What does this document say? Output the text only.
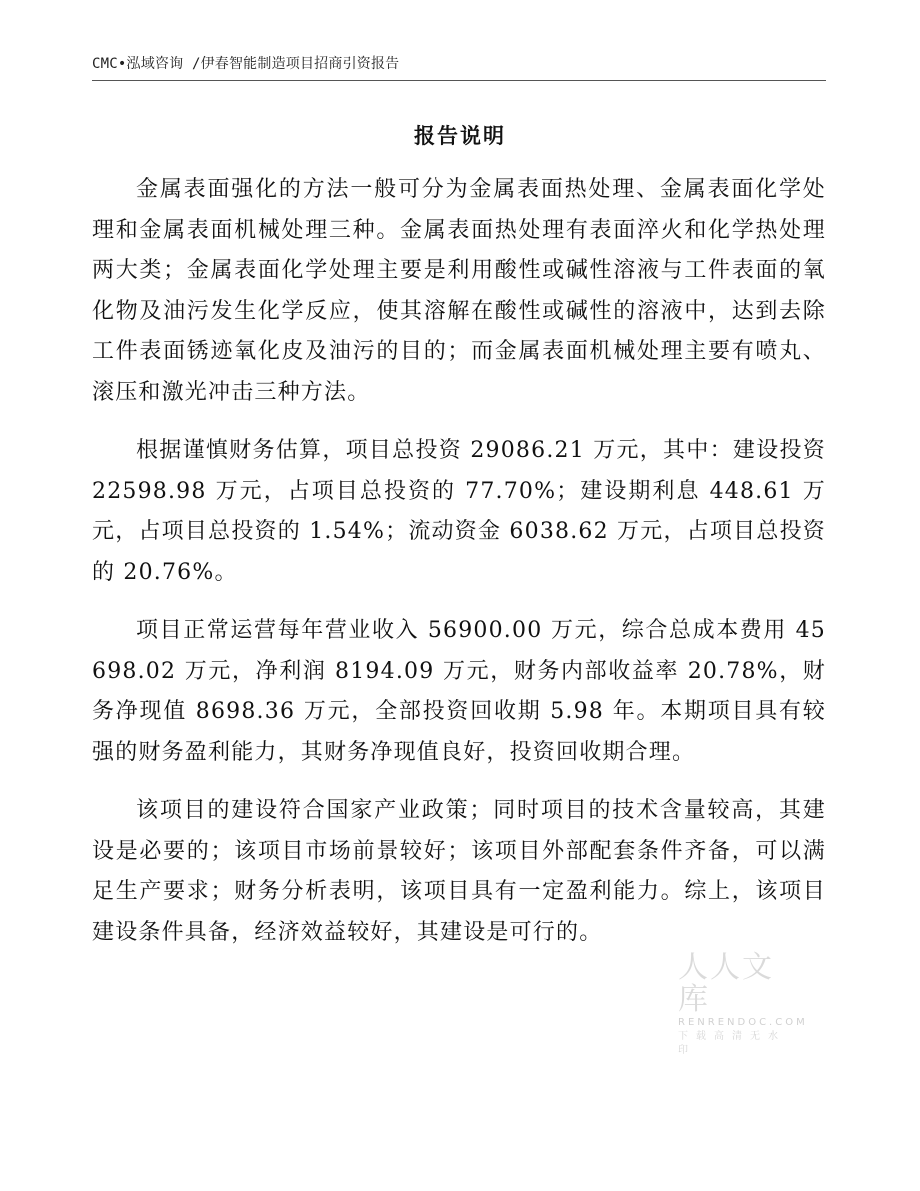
CMC•泓域咨询 /伊春智能制造项目招商引资报告
报告说明

金属表面强化的方法一般可分为金属表面热处理、金属表面化学处理和金属表面机械处理三种。金属表面热处理有表面淬火和化学热处理两大类；金属表面化学处理主要是利用酸性或碱性溶液与工件表面的氧化物及油污发生化学反应，使其溶解在酸性或碱性的溶液中，达到去除工件表面锈迹氧化皮及油污的目的；而金属表面机械处理主要有喷丸、滚压和激光冲击三种方法。

根据谨慎财务估算，项目总投资 29086.21 万元，其中：建设投资 22598.98 万元，占项目总投资的 77.70%；建设期利息 448.61 万元，占项目总投资的 1.54%；流动资金 6038.62 万元，占项目总投资的 20.76%。

项目正常运营每年营业收入 56900.00 万元，综合总成本费用 45698.02 万元，净利润 8194.09 万元，财务内部收益率 20.78%，财务净现值 8698.36 万元，全部投资回收期 5.98 年。本期项目具有较强的财务盈利能力，其财务净现值良好，投资回收期合理。

该项目的建设符合国家产业政策；同时项目的技术含量较高，其建设是必要的；该项目市场前景较好；该项目外部配套条件齐备，可以满足生产要求；财务分析表明，该项目具有一定盈利能力。综上，该项目建设条件具备，经济效益较好，其建设是可行的。

人人文库
RENRENDOC.COM
下载高清无水印
